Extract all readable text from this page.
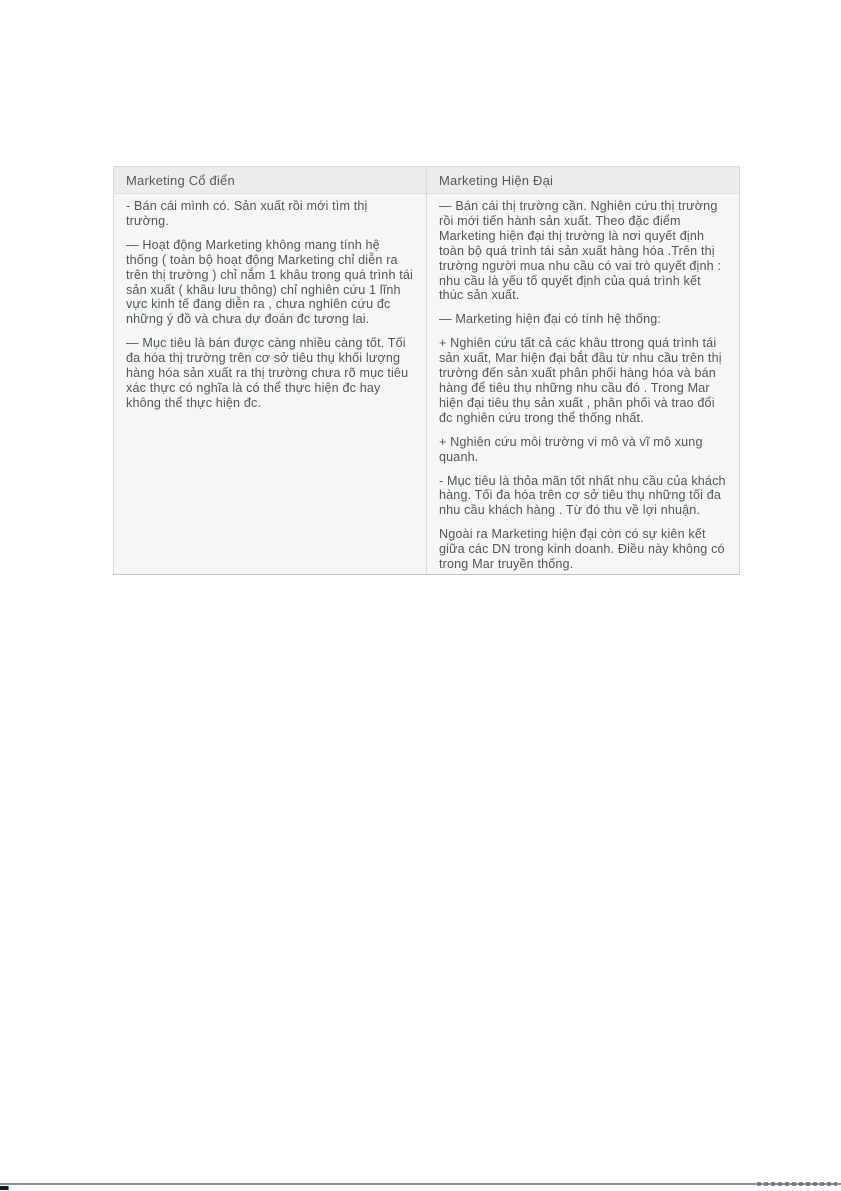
Marketing Cổ điển	Marketing Hiện Đại

- Bán cái mình có. Sản xuất rồi mới tìm thị trường.

— Hoạt động Marketing không mang tính hệ thống ( toàn bộ hoạt động Marketing chỉ diễn ra trên thị trường ) chỉ nắm 1 khâu trong quá trình tái sản xuất ( khâu lưu thông) chỉ nghiên cứu 1 lĩnh vực kinh tế đang diễn ra , chưa nghiên cứu đc những ý đồ và chưa dự đoán đc tương lai.

— Mục tiêu là bán được càng nhiều càng tốt. Tối đa hóa thị trường trên cơ sở tiêu thụ khối lượng hàng hóa sản xuất ra thị trường chưa rõ mục tiêu xác thực có nghĩa là có thể thực hiện đc hay không thể thực hiện đc.

— Bán cái thị trường cần. Nghiên cứu thị trường rồi mới tiến hành sản xuất. Theo đặc điểm Marketing hiện đại thị trường là nơi quyết định toàn bộ quá trình tái sản xuất hàng hóa .Trên thị trường người mua nhu cầu có vai trò quyết định : nhu cầu là yếu tố quyết định của quá trình kết thúc sản xuất.

— Marketing hiện đại có tính hệ thống:

+ Nghiên cứu tất cả các khâu ttrong quá trình tái sản xuất, Mar hiện đại bắt đầu từ nhu cầu trên thị trường đến sản xuất phân phối hàng hóa và bán hàng để tiêu thụ những nhu cầu đó . Trong Mar hiện đại tiêu thụ sản xuất , phân phối và trao đổi đc nghiên cứu trong thể thống nhất.

+ Nghiên cứu môi trường vi mô và vĩ mô xung quanh.

- Mục tiêu là thỏa mãn tốt nhất nhu cầu của khách hàng. Tối đa hóa trên cơ sở tiêu thụ những tối đa nhu cầu khách hàng . Từ đó thu về lợi nhuận.

Ngoài ra Marketing hiện đại còn có sự kiên kết giữa các DN trong kinh doanh. Điều này không có trong Mar truyền thống.
